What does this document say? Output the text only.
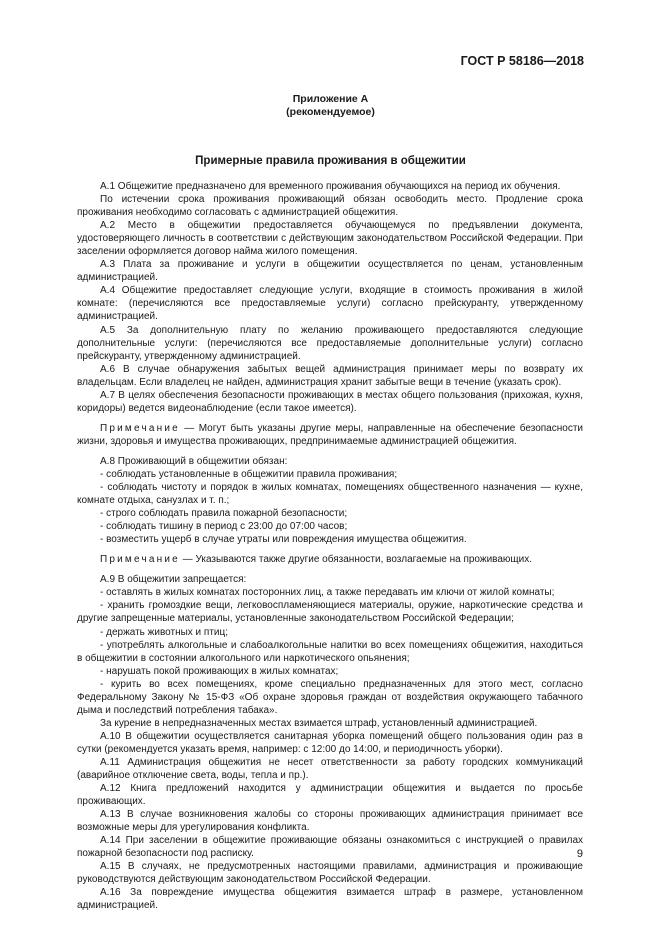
ГОСТ Р 58186—2018
Приложение А
(рекомендуемое)
Примерные правила проживания в общежитии

А.1 Общежитие предназначено для временного проживания обучающихся на период их обучения.

По истечении срока проживания проживающий обязан освободить место. Продление срока проживания необходимо согласовать с администрацией общежития.

А.2 Место в общежитии предоставляется обучающемуся по предъявлении документа, удостоверяющего личность в соответствии с действующим законодательством Российской Федерации. При заселении оформляется договор найма жилого помещения.

А.3 Плата за проживание и услуги в общежитии осуществляется по ценам, установленным администрацией.

А.4 Общежитие предоставляет следующие услуги, входящие в стоимость проживания в жилой комнате: (перечисляются все предоставляемые услуги) согласно прейскуранту, утвержденному администрацией.

А.5 За дополнительную плату по желанию проживающего предоставляются следующие дополнительные услуги: (перечисляются все предоставляемые дополнительные услуги) согласно прейскуранту, утвержденному администрацией.

А.6 В случае обнаружения забытых вещей администрация принимает меры по возврату их владельцам. Если владелец не найден, администрация хранит забытые вещи в течение (указать срок).

А.7 В целях обеспечения безопасности проживающих в местах общего пользования (прихожая, кухня, коридоры) ведется видеонаблюдение (если такое имеется).

Примечание — Могут быть указаны другие меры, направленные на обеспечение безопасности жизни, здоровья и имущества проживающих, предпринимаемые администрацией общежития.

А.8 Проживающий в общежитии обязан:

- соблюдать установленные в общежитии правила проживания;

- соблюдать чистоту и порядок в жилых комнатах, помещениях общественного назначения — кухне, комнате отдыха, санузлах и т. п.;

- строго соблюдать правила пожарной безопасности;

- соблюдать тишину в период с 23:00 до 07:00 часов;

- возместить ущерб в случае утраты или повреждения имущества общежития.

Примечание — Указываются также другие обязанности, возлагаемые на проживающих.

А.9 В общежитии запрещается:

- оставлять в жилых комнатах посторонних лиц, а также передавать им ключи от жилой комнаты;

- хранить громоздкие вещи, легковоспламеняющиеся материалы, оружие, наркотические средства и другие запрещенные материалы, установленные законодательством Российской Федерации;

- держать животных и птиц;

- употреблять алкогольные и слабоалкогольные напитки во всех помещениях общежития, находиться в общежитии в состоянии алкогольного или наркотического опьянения;

- нарушать покой проживающих в жилых комнатах;

- курить во всех помещениях, кроме специально предназначенных для этого мест, согласно Федеральному Закону № 15-ФЗ «Об охране здоровья граждан от воздействия окружающего табачного дыма и последствий потребления табака».

За курение в непредназначенных местах взимается штраф, установленный администрацией.

А.10 В общежитии осуществляется санитарная уборка помещений общего пользования один раз в сутки (рекомендуется указать время, например: с 12:00 до 14:00, и периодичность уборки).

А.11 Администрация общежития не несет ответственности за работу городских коммуникаций (аварийное отключение света, воды, тепла и пр.).

А.12 Книга предложений находится у администрации общежития и выдается по просьбе проживающих.

А.13 В случае возникновения жалобы со стороны проживающих администрация принимает все возможные меры для урегулирования конфликта.

А.14 При заселении в общежитие проживающие обязаны ознакомиться с инструкцией о правилах пожарной безопасности под расписку.

А.15 В случаях, не предусмотренных настоящими правилами, администрация и проживающие руководствуются действующим законодательством Российской Федерации.

А.16 За повреждение имущества общежития взимается штраф в размере, установленном администрацией.

9
